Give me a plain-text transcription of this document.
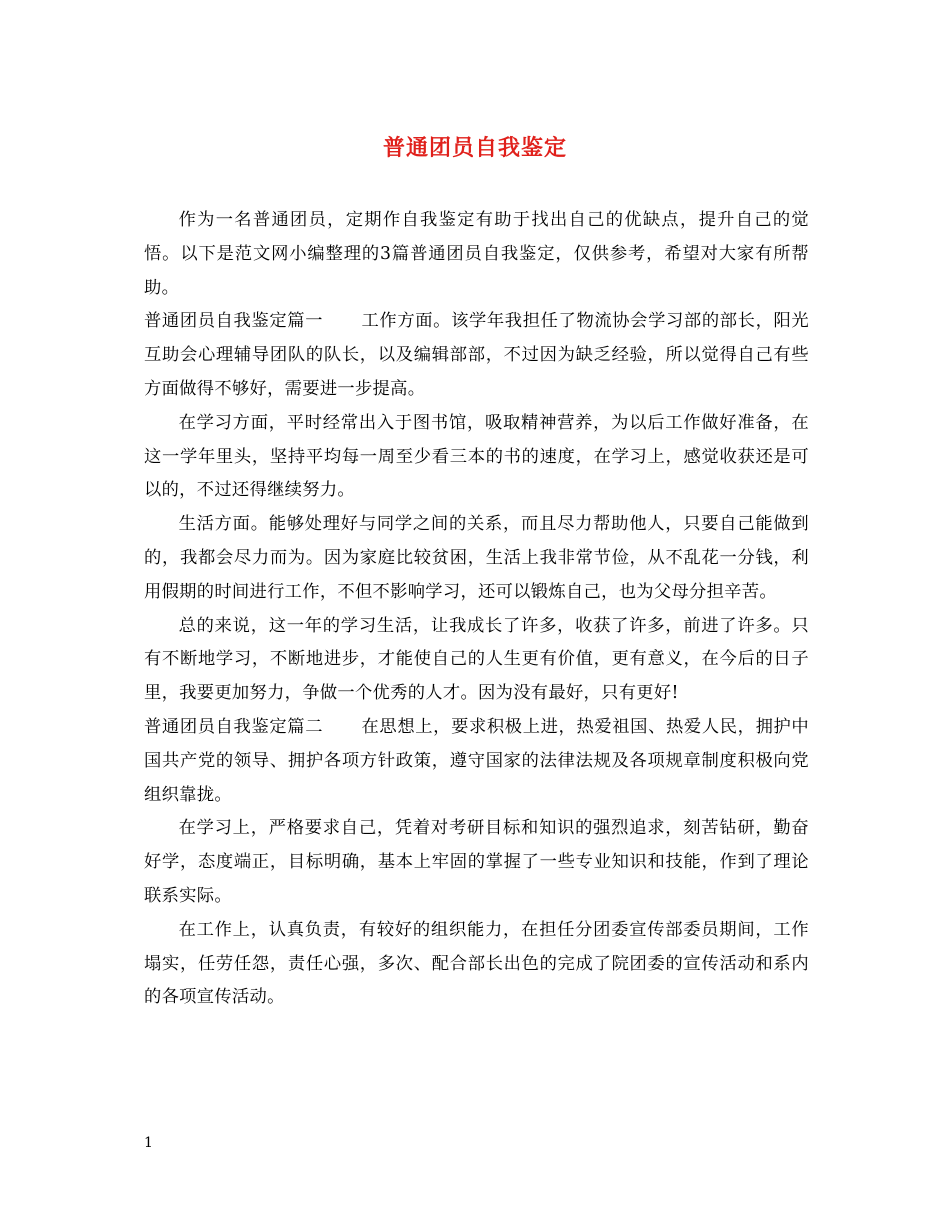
普通团员自我鉴定

作为一名普通团员，定期作自我鉴定有助于找出自己的优缺点，提升自己的觉悟。以下是范文网小编整理的3篇普通团员自我鉴定，仅供参考，希望对大家有所帮助。

普通团员自我鉴定篇一 工作方面。该学年我担任了物流协会学习部的部长，阳光互助会心理辅导团队的队长，以及编辑部部，不过因为缺乏经验，所以觉得自己有些方面做得不够好，需要进一步提高。

在学习方面，平时经常出入于图书馆，吸取精神营养，为以后工作做好准备，在这一学年里头，坚持平均每一周至少看三本的书的速度，在学习上，感觉收获还是可以的，不过还得继续努力。

生活方面。能够处理好与同学之间的关系，而且尽力帮助他人，只要自己能做到的，我都会尽力而为。因为家庭比较贫困，生活上我非常节俭，从不乱花一分钱，利用假期的时间进行工作，不但不影响学习，还可以锻炼自己，也为父母分担辛苦。

总的来说，这一年的学习生活，让我成长了许多，收获了许多，前进了许多。只有不断地学习，不断地进步，才能使自己的人生更有价值，更有意义，在今后的日子里，我要更加努力，争做一个优秀的人才。因为没有最好，只有更好!

普通团员自我鉴定篇二 在思想上，要求积极上进，热爱祖国、热爱人民，拥护中国共产党的领导、拥护各项方针政策，遵守国家的法律法规及各项规章制度积极向党组织靠拢。

在学习上，严格要求自己，凭着对考研目标和知识的强烈追求，刻苦钻研，勤奋好学，态度端正，目标明确，基本上牢固的掌握了一些专业知识和技能，作到了理论联系实际。

在工作上，认真负责，有较好的组织能力，在担任分团委宣传部委员期间，工作塌实，任劳任怨，责任心强，多次、配合部长出色的完成了院团委的宣传活动和系内的各项宣传活动。

1
